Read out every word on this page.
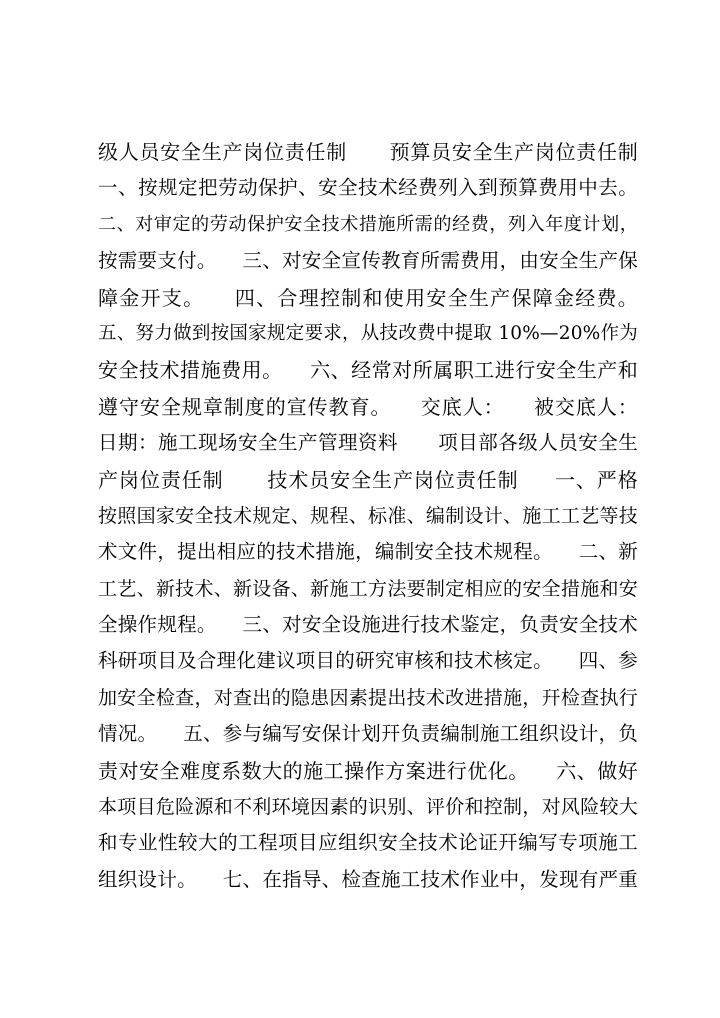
级人员安全生产岗位责任制      预算员安全生产岗位责任制
一、按规定把劳动保护、安全技术经费列入到预算费用中去。
二、对审定的劳动保护安全技术措施所需的经费，列入年度计划，
按需要支付。    三、对安全宣传教育所需费用，由安全生产保
障金开支。    四、合理控制和使用安全生产保障金经费。
五、努力做到按国家规定要求，从技改费中提取 10%—20%作为
安全技术措施费用。    六、经常对所属职工进行安全生产和
遵守安全规章制度的宣传教育。    交底人：    被交底人：
日期：施工现场安全生产管理资料      项目部各级人员安全生
产岗位责任制      技术员安全生产岗位责任制     一、严格
按照国家安全技术规定、规程、标准、编制设计、施工工艺等技
术文件，提出相应的技术措施，编制安全技术规程。    二、新
工艺、新技术、新设备、新施工方法要制定相应的安全措施和安
全操作规程。    三、对安全设施进行技术鉴定，负责安全技术
科研项目及合理化建议项目的研究审核和技术核定。    四、参
加安全检查，对查出的隐患因素提出技术改进措施，幵检查执行
情况。    五、参与编写安保计划幵负责编制施工组织设计，负
责对安全难度系数大的施工操作方案进行优化。    六、做好
本项目危险源和不利环境因素的识别、评价和控制，对风险较大
和专业性较大的工程项目应组织安全技术论证幵编写专项施工
组织设计。    七、在指导、检查施工技术作业中，发现有严重
